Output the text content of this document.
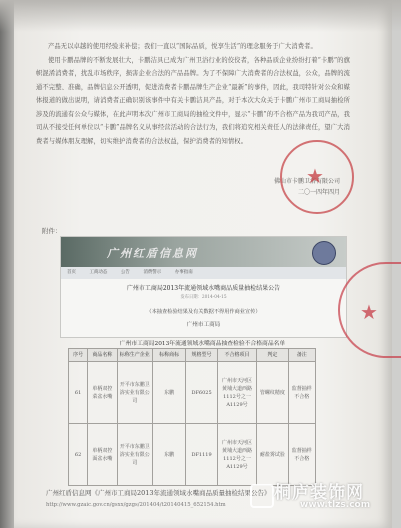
产品无以卓越的使用经验来补偿；我们一直以“国际品质，悦享生活”的理念服务于广大消费者。

使用卡鹏品牌的不断发展壮大，卡鹏洁具已成为广州卫浴行业的佼佼者，各种品质企业纷纷打着“卡鹏”的旗帜混淆消费者，扰乱市场秩序，损害企业合法的产品品牌。为了不保障广大消费者的合法权益，公众，品牌的流通不完整、准确，品牌信息公开透明，促进消费者卡鹏品牌生产企业“最新”的事件，因此，我司特针对公众和媒体报道的做出说明，请消费者正确识别该事件中有关卡鹏洁具产品，对于本次大众关于卡鹏广州市工商局抽检所涉及的流通有公众与媒体，在此声明本次广州市工商局的抽检文件中，显示“卡鹏”的不合格产品为我司产品，我司从不接受任何单位以“卡鹏”品牌名义从事经营活动的合法行为，我们将追究相关责任人的法律责任，望广大消费者与媒体朋友理解，切实维护消费者的合法权益，保护消费者的知情权。

佛山市卡鹏卫浴有限公司
二〇一四年四月
★
附件：
广州红盾信息网
首页	工商动态	公告	消费警示	办事指南
广州市工商局2013年流通领域水嘴商品质量抽检结果公告
发布日期：2014-04-15
（本抽查检验结果及有关数据不得用作商业宣传）
广州市工商局
★
广州市工商局2013年流通领域水嘴商品抽查检验不合格商品名单
序号	商品名称	标称生产企业	标称商标	规格型号	不合格项目	判定	备注
61	单柄双控菜盆水嘴	开平市东鹏卫浴实业有限公司	东鹏	DF6025	广州市天河区黄埔大道西路1112号之一A1129号	管螺纹精度	监督抽样不合格
62	单柄双控面盆水嘴	开平市东鹏卫浴实业有限公司	东鹏	DF1119	广州市天河区黄埔大道西路1112号之一A1129号	耐盐雾试验	监督抽样不合格
广州红盾信息网《广州市工商局2013年流通领域水嘴商品质量抽检结果公告》
http://www.gzaic.gov.cn/gsxx/gzgs/201404/t20140415_652154.htm
桐庐装饰网
www.tlzs.com
